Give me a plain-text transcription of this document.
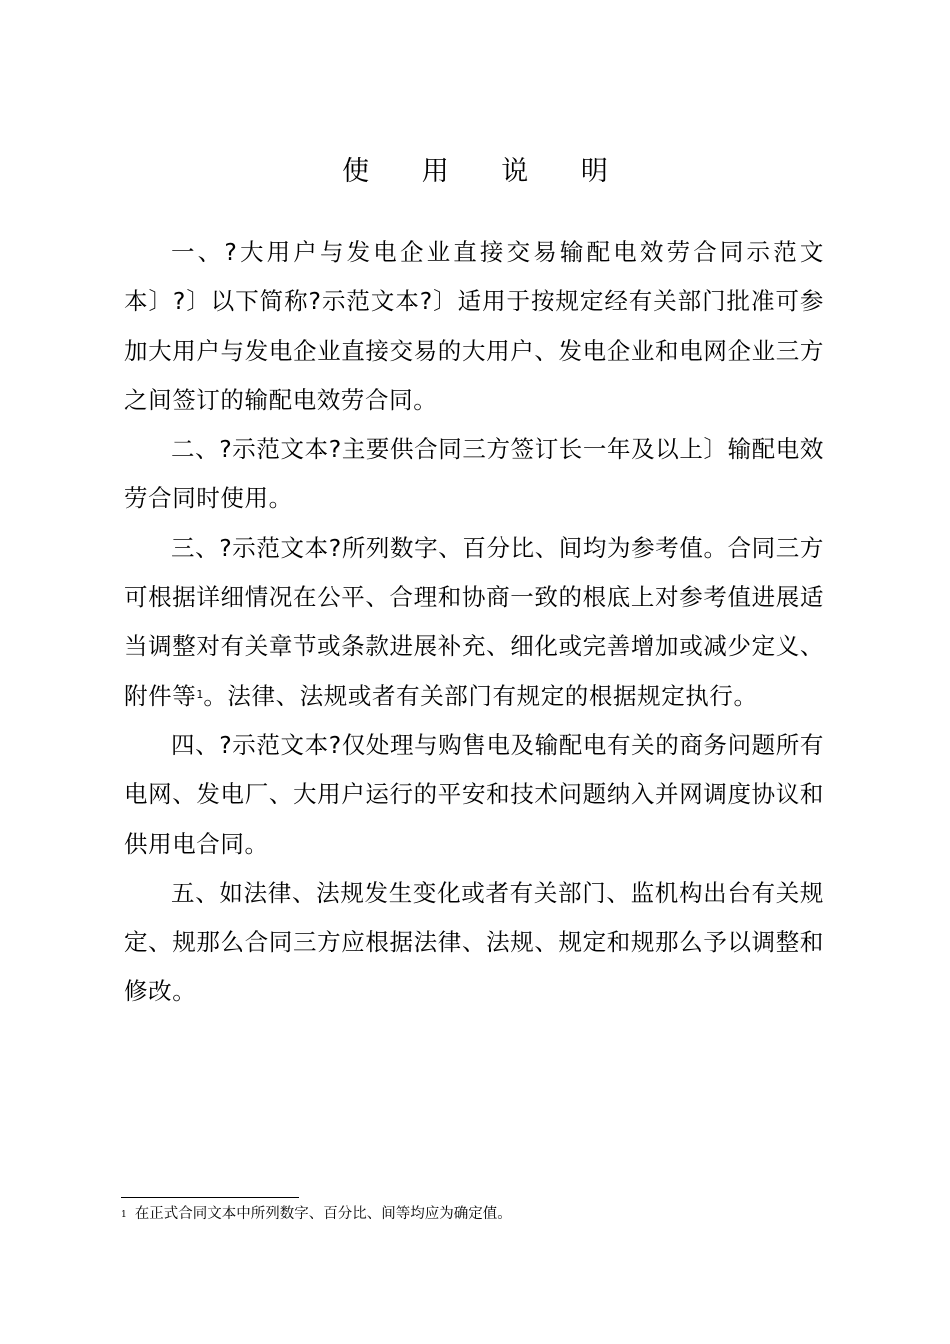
使 用 说 明

一、?大用户与发电企业直接交易输配电效劳合同示范文本〕?〕以下简称?示范文本?〕适用于按规定经有关部门批准可参加大用户与发电企业直接交易的大用户、发电企业和电网企业三方之间签订的输配电效劳合同。

二、?示范文本?主要供合同三方签订长一年及以上〕输配电效劳合同时使用。

三、?示范文本?所列数字、百分比、间均为参考值。合同三方可根据详细情况在公平、合理和协商一致的根底上对参考值进展适当调整对有关章节或条款进展补充、细化或完善增加或减少定义、附件等$^1$。法律、法规或者有关部门有规定的根据规定执行。

四、?示范文本?仅处理与购售电及输配电有关的商务问题所有电网、发电厂、大用户运行的平安和技术问题纳入并网调度协议和供用电合同。

五、如法律、法规发生变化或者有关部门、监机构出台有关规定、规那么合同三方应根据法律、法规、规定和规那么予以调整和修改。

$^1$ 在正式合同文本中所列数字、百分比、间等均应为确定值。
